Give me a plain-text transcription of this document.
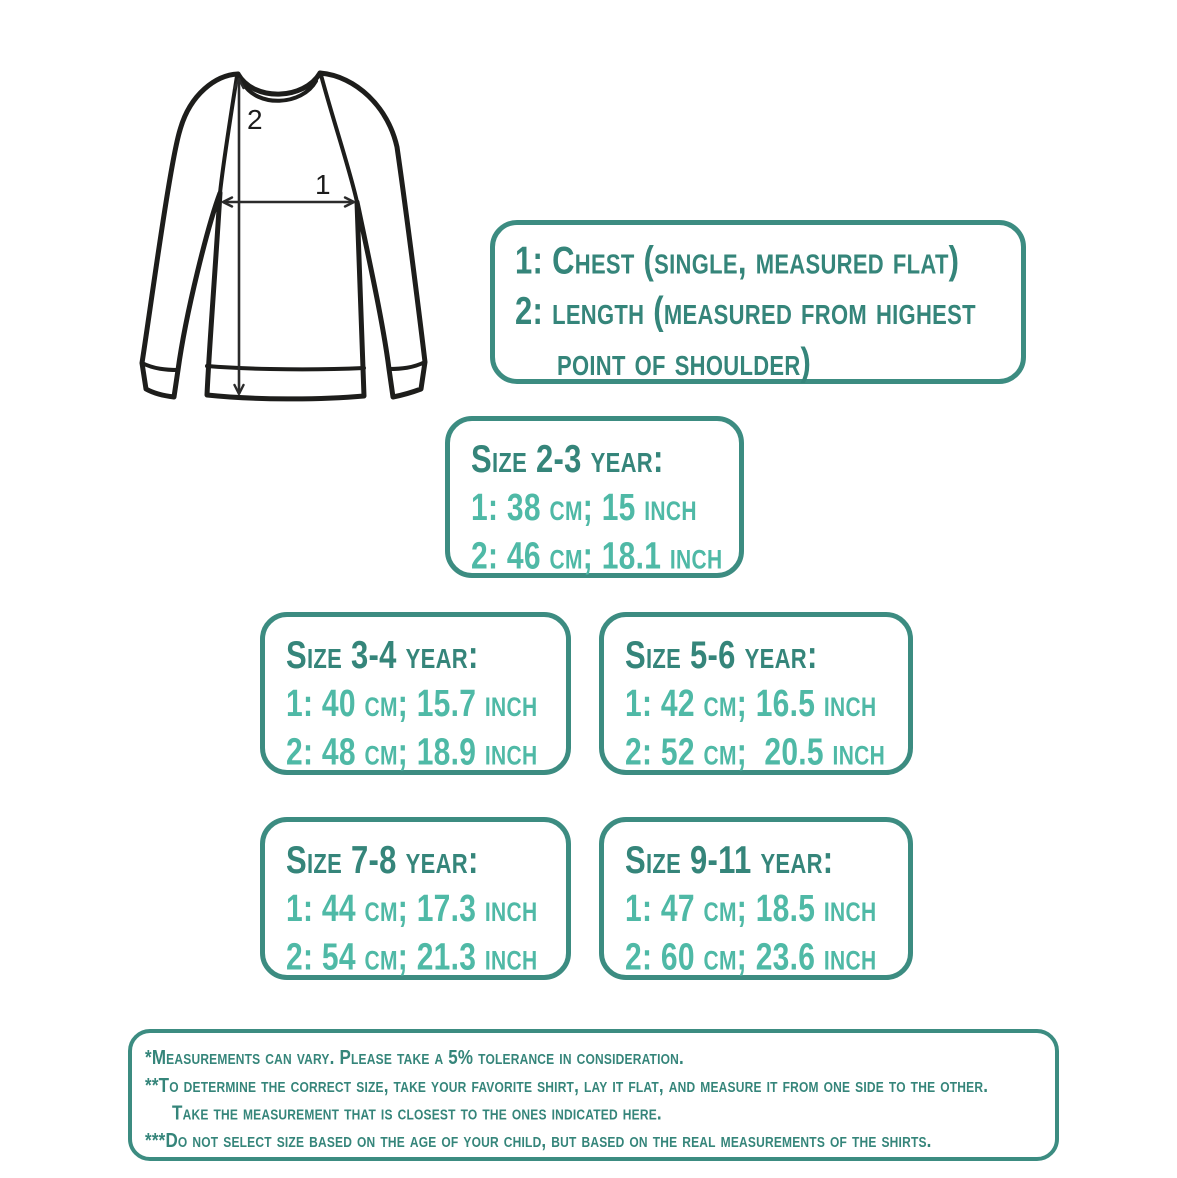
2
1
1: Chest (single, measured flat)
2: length (measured from highest
point of shoulder)
Size 2-3 year:
1: 38 cm; 15 inch
2: 46 cm; 18.1 inch
Size 3-4 year:
1: 40 cm; 15.7 inch
2: 48 cm; 18.9 inch
Size 5-6 year:
1: 42 cm; 16.5 inch
2: 52 cm;  20.5 inch
Size 7-8 year:
1: 44 cm; 17.3 inch
2: 54 cm; 21.3 inch
Size 9-11 year:
1: 47 cm; 18.5 inch
2: 60 cm; 23.6 inch
*Measurements can vary. Please take a 5% tolerance in consideration.
**To determine the correct size, take your favorite shirt, lay it flat, and measure it from one side to the other.
Take the measurement that is closest to the ones indicated here.
***Do not select size based on the age of your child, but based on the real measurements of the shirts.
